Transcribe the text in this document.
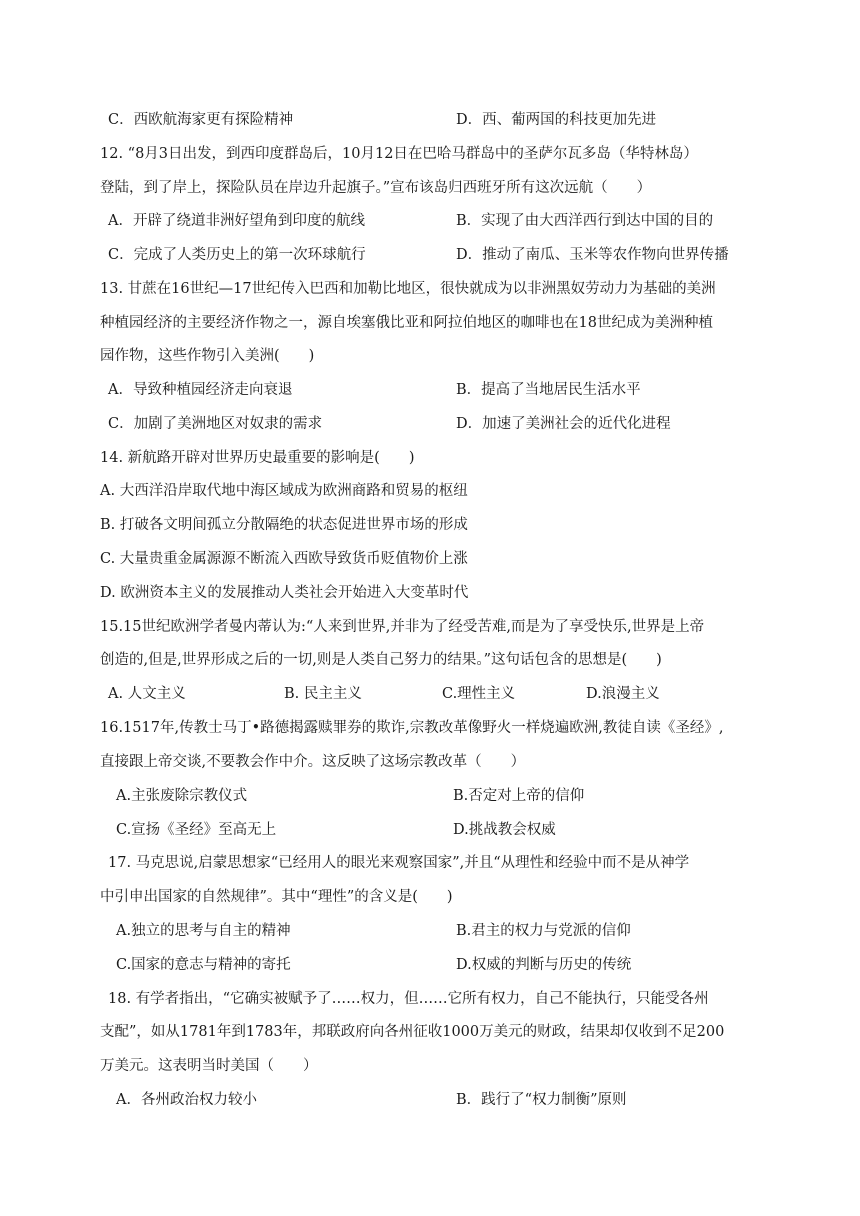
C．西欧航海家更有探险精神	D．西、葡两国的科技更加先进
12. “8月3日出发，到西印度群岛后，10月12日在巴哈马群岛中的圣萨尔瓦多岛（华特林岛）
登陆，到了岸上，探险队员在岸边升起旗子。”宣布该岛归西班牙所有这次远航（　　）
A．开辟了绕道非洲好望角到印度的航线	B．实现了由大西洋西行到达中国的目的
C．完成了人类历史上的第一次环球航行	D．推动了南瓜、玉米等农作物向世界传播
13. 甘蔗在16世纪—17世纪传入巴西和加勒比地区，很快就成为以非洲黑奴劳动力为基础的美洲
种植园经济的主要经济作物之一，源自埃塞俄比亚和阿拉伯地区的咖啡也在18世纪成为美洲种植
园作物，这些作物引入美洲(　　)
A．导致种植园经济走向衰退	B．提高了当地居民生活水平
C．加剧了美洲地区对奴隶的需求	D．加速了美洲社会的近代化进程
14. 新航路开辟对世界历史最重要的影响是(　　)
A. 大西洋沿岸取代地中海区域成为欧洲商路和贸易的枢纽
B. 打破各文明间孤立分散隔绝的状态促进世界市场的形成
C. 大量贵重金属源源不断流入西欧导致货币贬值物价上涨
D. 欧洲资本主义的发展推动人类社会开始进入大变革时代
15.15世纪欧洲学者曼内蒂认为:“人来到世界,并非为了经受苦难,而是为了享受快乐,世界是上帝
创造的,但是,世界形成之后的一切,则是人类自己努力的结果。”这句话包含的思想是(　　)
A. 人文主义	B. 民主主义	C.理性主义	D.浪漫主义
16.1517年,传教士马丁•路德揭露赎罪券的欺诈,宗教改革像野火一样烧遍欧洲,教徒自读《圣经》,
直接跟上帝交谈,不要教会作中介。这反映了这场宗教改革（　　）
A.主张废除宗教仪式	B.否定对上帝的信仰
C.宣扬《圣经》至高无上	D.挑战教会权威
17. 马克思说,启蒙思想家“已经用人的眼光来观察国家”,并且“从理性和经验中而不是从神学
中引申出国家的自然规律”。其中“理性”的含义是(　　)
A.独立的思考与自主的精神	B.君主的权力与党派的信仰
C.国家的意志与精神的寄托	D.权威的判断与历史的传统
18. 有学者指出，“它确实被赋予了……权力，但……它所有权力，自己不能执行，只能受各州
支配”，如从1781年到1783年，邦联政府向各州征收1000万美元的财政，结果却仅收到不足200
万美元。这表明当时美国（　　）
A．各州政治权力较小	B．践行了“权力制衡”原则
